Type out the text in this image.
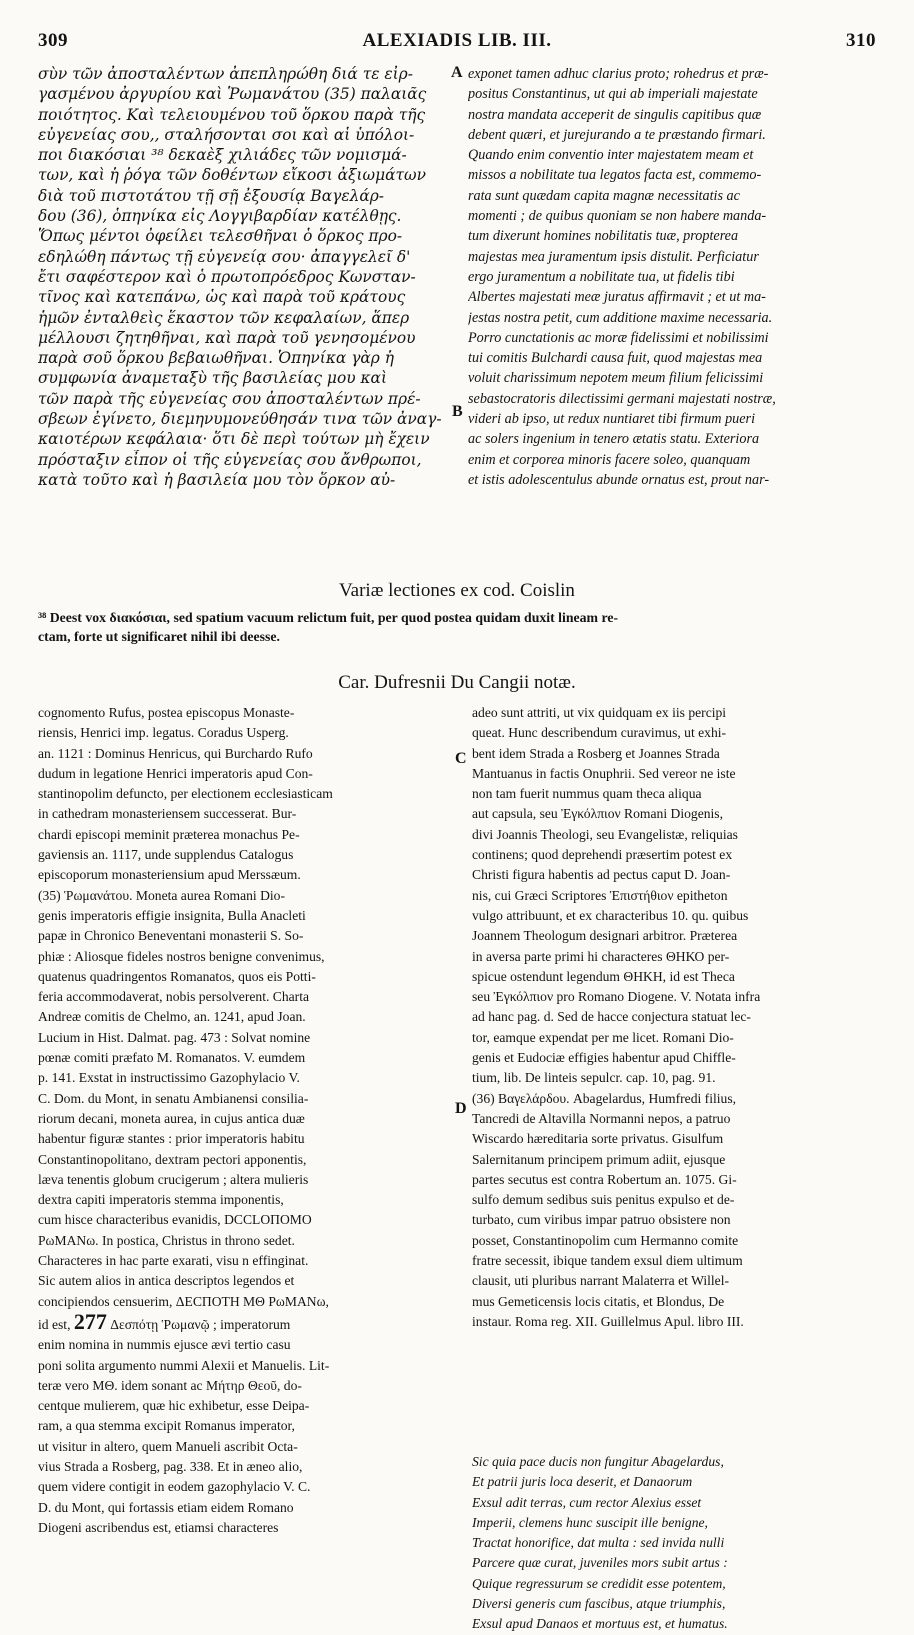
309	ALEXIADIS LIB. III.	310
σὺν τῶν ἀποσταλέντων ἀπεπληρώθη διά τε εἰρ-
γασμένου ἀργυρίου καὶ Ῥωμανάτου (35) παλαιᾶς
ποιότητος. Καὶ τελειουμένου τοῦ ὅρκου παρὰ τῆς
εὐγενείας σου,, σταλήσονται σοι καὶ αἱ ὑπόλοι-
ποι διακόσιαι ³⁸ δεκαὲξ χιλιάδες τῶν νομισμά-
των, καὶ ἡ ῥόγα τῶν δοθέντων εἴκοσι ἀξιωμάτων
διὰ τοῦ πιστοτάτου τῇ σῇ ἐξουσίᾳ Βαγελάρ-
δου (36), ὁπηνίκα εἰς Λογγιβαρδίαν κατέλθῃς.
Ὅπως μέντοι ὀφείλει τελεσθῆναι ὁ ὅρκος προ-
εδηλώθη πάντως τῇ εὐγενείᾳ σου· ἀπαγγελεῖ δ'
ἔτι σαφέστερον καὶ ὁ πρωτοπρόεδρος Κωνσταν-
τῖνος καὶ κατεπάνω, ὡς καὶ παρὰ τοῦ κράτους
ἡμῶν ἐνταλθεὶς ἕκαστον τῶν κεφαλαίων, ἅπερ
μέλλουσι ζητηθῆναι, καὶ παρὰ τοῦ γενησομένου
παρὰ σοῦ ὅρκου βεβαιωθῆναι. Ὁπηνίκα γὰρ ἡ
συμφωνία ἀναμεταξὺ τῆς βασιλείας μου καὶ
τῶν παρὰ τῆς εὐγενείας σου ἀποσταλέντων πρέ-
σβεων ἐγίνετο, διεμηνυμονεύθησάν τινα τῶν ἀναγ-
καιοτέρων κεφάλαια· ὅτι δὲ περὶ τούτων μὴ ἔχειν
πρόσταξιν εἶπον οἱ τῆς εὐγενείας σου ἄνθρωποι,
κατὰ τοῦτο καὶ ἡ βασιλεία μου τὸν ὅρκον αὐ-
exponet tamen adhuc clarius proto; rohedrus et præ-
positus Constantinus, ut qui ab imperiali majestate
nostra mandata acceperit de singulis capitibus quæ
debent quæri, et jurejurando a te præstando firmari.
Quando enim conventio inter majestatem meam et
missos a nobilitate tua legatos facta est, commemo-
rata sunt quædam capita magnæ necessitatis ac
momenti ; de quibus quoniam se non habere manda-
tum dixerunt homines nobilitatis tuæ, propterea
majestas mea juramentum ipsis distulit. Perficiatur
ergo juramentum a nobilitate tua, ut fidelis tibi
Albertes majestati meæ juratus affirmavit ; et ut ma-
jestas nostra petit, cum additione maxime necessaria.
Porro cunctationis ac moræ fidelissimi et nobilissimi
tui comitis Bulchardi causa fuit, quod majestas mea
voluit charissimum nepotem meum filium felicissimi
sebastocratoris dilectissimi germani majestati nostræ,
videri ab ipso, ut redux nuntiaret tibi firmum pueri
ac solers ingenium in tenero ætatis statu. Exteriora
enim et corporea minoris facere soleo, quanquam
et istis adolescentulus abunde ornatus est, prout nar-
A
B
C
D
Variæ lectiones ex cod. Coislin
³⁸ Deest vox διακόσιαι, sed spatium vacuum relictum fuit, per quod postea quidam duxit lineam re-
ctam, forte ut significaret nihil ibi deesse.
Car. Dufresnii Du Cangii notæ.
cognomento Rufus, postea episcopus Monaste-
riensis, Henrici imp. legatus. Coradus Usperg.
an. 1121 : Dominus Henricus, qui Burchardo Rufo
dudum in legatione Henrici imperatoris apud Con-
stantinopolim defuncto, per electionem ecclesiasticam
in cathedram monasteriensem successerat. Bur-
chardi episcopi meminit præterea monachus Pe-
gaviensis an. 1117, unde supplendus Catalogus
episcoporum monasteriensium apud Merssæum.
(35) Ῥωμανάτου. Moneta aurea Romani Dio-
genis imperatoris effigie insignita, Bulla Anacleti
papæ in Chronico Beneventani monasterii S. So-
phiæ : Aliosque fideles nostros benigne convenimus,
quatenus quadringentos Romanatos, quos eis Potti-
feria accommodaverat, nobis persolverent. Charta
Andreæ comitis de Chelmo, an. 1241, apud Joan.
Lucium in Hist. Dalmat. pag. 473 : Solvat nomine
pœnæ comiti præfato M. Romanatos. V. eumdem
p. 141. Exstat in instructissimo Gazophylacio V.
C. Dom. du Mont, in senatu Ambianensi consilia-
riorum decani, moneta aurea, in cujus antica duæ
habentur figuræ stantes : prior imperatoris habitu
Constantinopolitano, dextram pectori apponentis,
læva tenentis globum crucigerum ; altera mulieris
dextra capiti imperatoris stemma imponentis,
cum hisce characteribus evanidis, DCCLΟΠΟΜΟ
PωMANω. In postica, Christus in throno sedet.
Characteres in hac parte exarati, visu n effinginat.
Sic autem alios in antica descriptos legendos et
concipiendos censuerim, ΔΕϹΠΟΤΗ ΜΘ ΡωΜΑΝω,
id est, 277 Δεσπότῃ Ῥωμανῷ ; imperatorum
enim nomina in nummis ejusce ævi tertio casu
poni solita argumento nummi Alexii et Manuelis. Lit-
teræ vero ΜΘ. idem sonant ac Μήτηρ Θεοῦ, do-
centque mulierem, quæ hic exhibetur, esse Deipa-
ram, a qua stemma excipit Romanus imperator,
ut visitur in altero, quem Manueli ascribit Octa-
vius Strada a Rosberg, pag. 338. Et in æneo alio,
quem videre contigit in eodem gazophylacio V. C.
D. du Mont, qui fortassis etiam eidem Romano
Diogeni ascribendus est, etiamsi characteres
adeo sunt attriti, ut vix quidquam ex iis percipi
queat. Hunc describendum curavimus, ut exhi-
bent idem Strada a Rosberg et Joannes Strada
Mantuanus in factis Onuphrii. Sed vereor ne iste
non tam fuerit nummus quam theca aliqua
aut capsula, seu Ἐγκόλπιον Romani Diogenis,
divi Joannis Theologi, seu Evangelistæ, reliquias
continens; quod deprehendi præsertim potest ex
Christi figura habentis ad pectus caput D. Joan-
nis, cui Græci Scriptores Ἐπιστήθιον epitheton
vulgo attribuunt, et ex characteribus 10. qu. quibus
Joannem Theologum designari arbitror. Præterea
in aversa parte primi hi characteres ΘΗΚΟ per-
spicue ostendunt legendum ΘΗΚΗ, id est Theca
seu Ἐγκόλπιον pro Romano Diogene. V. Notata infra
ad hanc pag. d. Sed de hacce conjectura statuat lec-
tor, eamque expendat per me licet. Romani Dio-
genis et Eudociæ effigies habentur apud Chiffle-
tium, lib. De linteis sepulcr. cap. 10, pag. 91.
(36) Βαγελάρδου. Abagelardus, Humfredi filius,
Tancredi de Altavilla Normanni nepos, a patruo
Wiscardo hæreditaria sorte privatus. Gisulfum
Salernitanum principem primum adiit, ejusque
partes secutus est contra Robertum an. 1075. Gi-
sulfo demum sedibus suis penitus expulso et de-
turbato, cum viribus impar patruo obsistere non
posset, Constantinopolim cum Hermanno comite
fratre secessit, ibique tandem exsul diem ultimum
clausit, uti pluribus narrant Malaterra et Willel-
mus Gemeticensis locis citatis, et Blondus, De
instaur. Roma reg. XII. Guillelmus Apul. libro III.
Sic quia pace ducis non fungitur Abagelardus,
Et patrii juris loca deserit, et Danaorum
Exsul adit terras, cum rector Alexius esset
Imperii, clemens hunc suscipit ille benigne,
Tractat honorifice, dat multa : sed invida nulli
Parcere quæ curat, juveniles mors subit artus :
Quique regressurum se credidit esse potentem,
Diversi generis cum fascibus, atque triumphis,
Exsul apud Danaos et mortuus est, et humatus.
